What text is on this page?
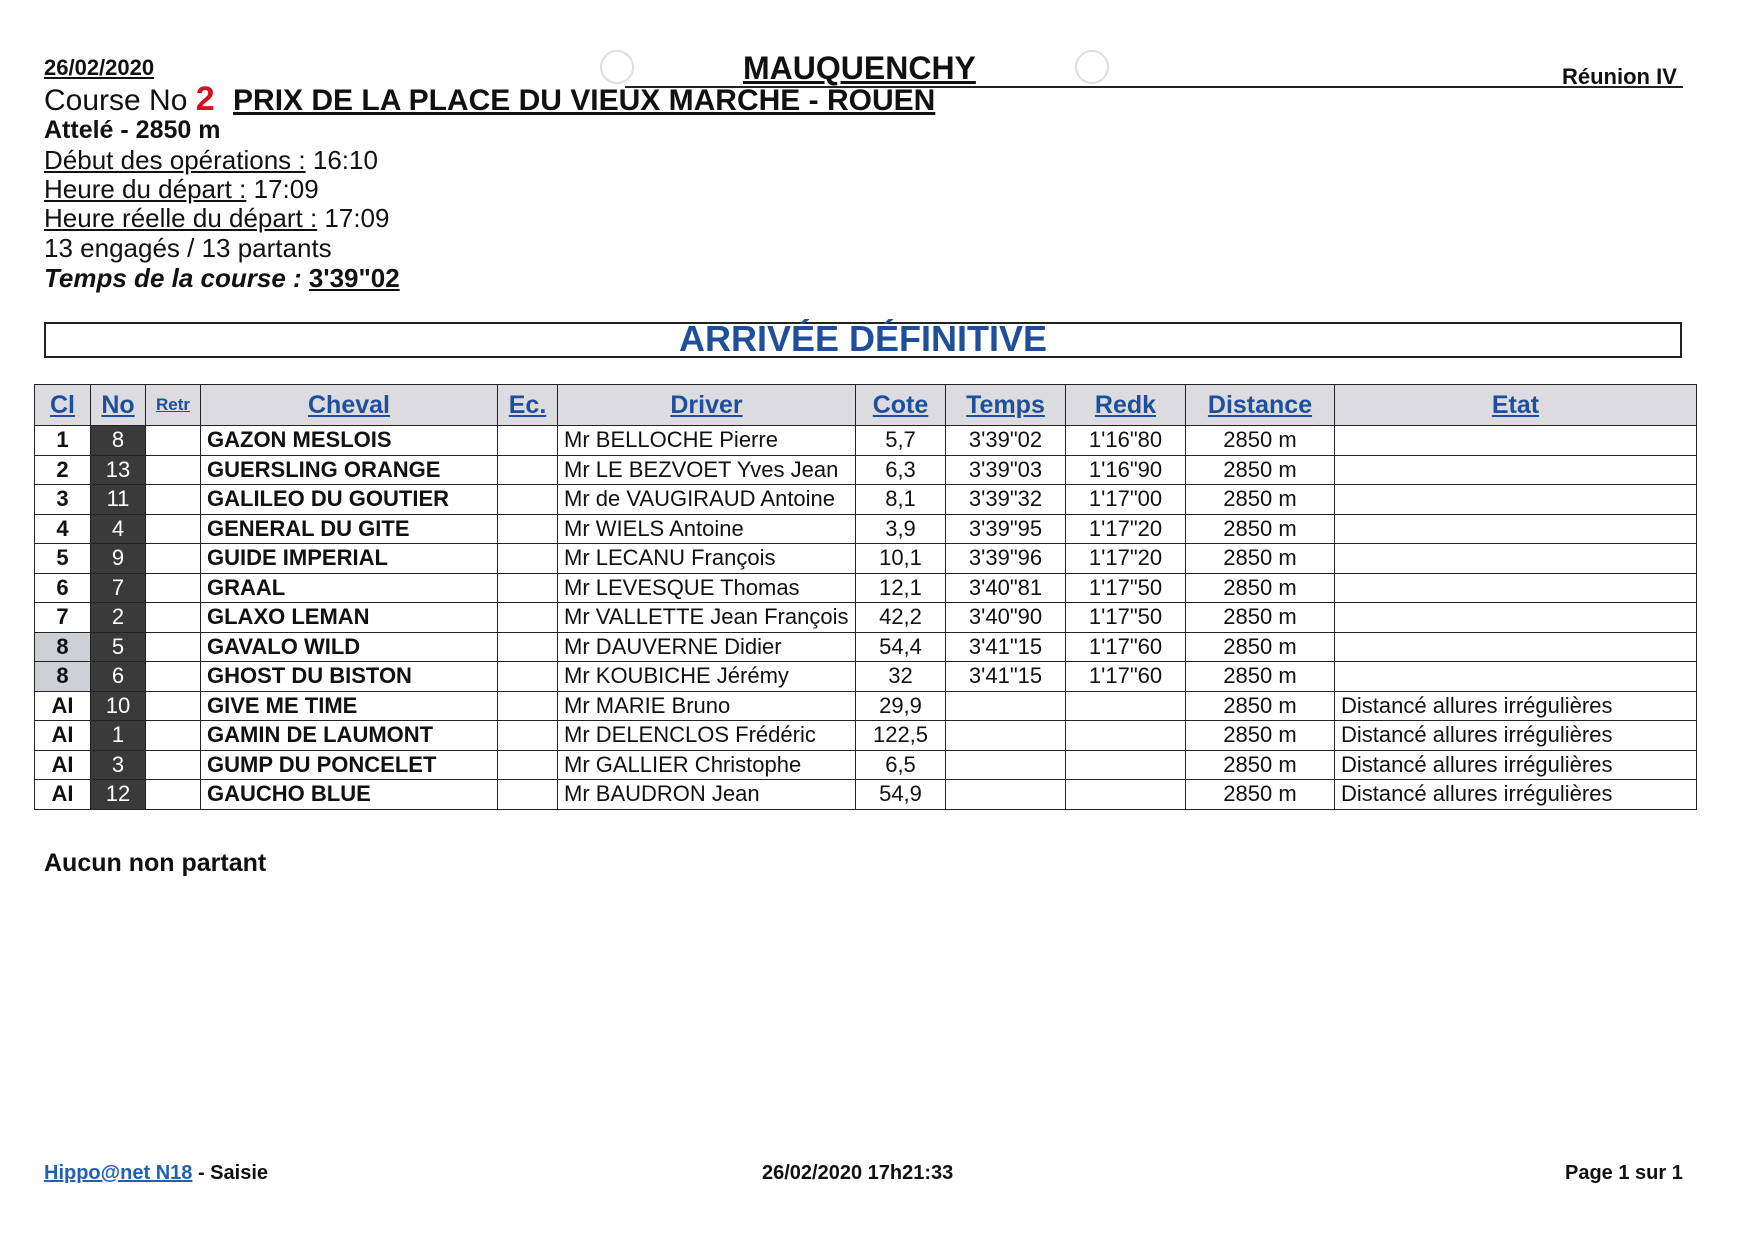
26/02/2020	MAUQUENCHY	Réunion IV
Course No 2 PRIX DE LA PLACE DU VIEUX MARCHE - ROUEN
Attelé - 2850 m
Début des opérations : 16:10
Heure du départ : 17:09
Heure réelle du départ : 17:09
13 engagés / 13 partants
Temps de la course : 3'39"02
ARRIVÉE DÉFINITIVE
Cl	No	Retr	Cheval	Ec.	Driver	Cote	Temps	Redk	Distance	Etat
1	8		GAZON MESLOIS		Mr BELLOCHE Pierre	5,7	3'39"02	1'16"80	2850 m	
2	13		GUERSLING ORANGE		Mr LE BEZVOET Yves Jean	6,3	3'39"03	1'16"90	2850 m	
3	11		GALILEO DU GOUTIER		Mr de VAUGIRAUD Antoine	8,1	3'39"32	1'17"00	2850 m	
4	4		GENERAL DU GITE		Mr WIELS Antoine	3,9	3'39"95	1'17"20	2850 m	
5	9		GUIDE IMPERIAL		Mr LECANU François	10,1	3'39"96	1'17"20	2850 m	
6	7		GRAAL		Mr LEVESQUE Thomas	12,1	3'40"81	1'17"50	2850 m	
7	2		GLAXO LEMAN		Mr VALLETTE Jean François	42,2	3'40"90	1'17"50	2850 m	
8	5		GAVALO WILD		Mr DAUVERNE Didier	54,4	3'41"15	1'17"60	2850 m	
8	6		GHOST DU BISTON		Mr KOUBICHE Jérémy	32	3'41"15	1'17"60	2850 m	
AI	10		GIVE ME TIME		Mr MARIE Bruno	29,9			2850 m	Distancé allures irrégulières
AI	1		GAMIN DE LAUMONT		Mr DELENCLOS Frédéric	122,5			2850 m	Distancé allures irrégulières
AI	3		GUMP DU PONCELET		Mr GALLIER Christophe	6,5			2850 m	Distancé allures irrégulières
AI	12		GAUCHO BLUE		Mr BAUDRON Jean	54,9			2850 m	Distancé allures irrégulières
Aucun non partant
Hippo@net N18 - Saisie	26/02/2020 17h21:33	Page 1 sur 1
